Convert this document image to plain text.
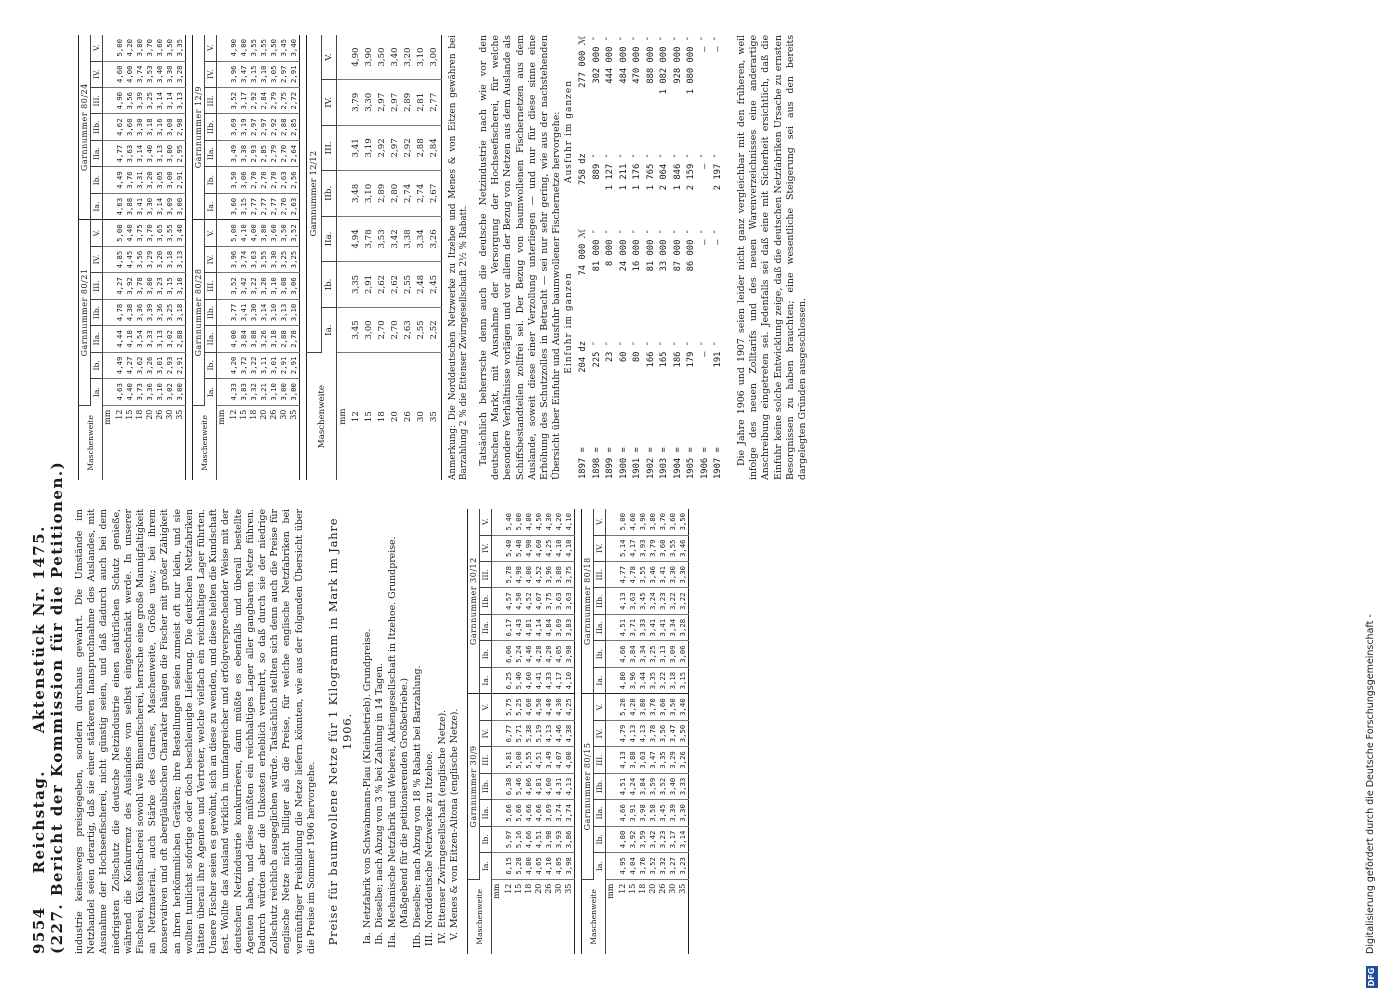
9554 Reichstag. Aktenstück Nr. 1475. (227. Bericht der Kommission für die Petitionen.) industrie keineswegs preisgegeben, sondern durchaus gewahrt. Die Umstände im Netzhandel seien derartig, daß sie einer stärkeren Inanspruchnahme des Auslandes, mit Ausnahme der Hochseefischerei, nicht günstig seien, und daß dadurch auch bei dem niedrigsten Zollschutz die deutsche Netzindustrie einen natürlichen Schutz genieße, während die Konkurrenz des Auslandes von selbst eingeschränkt werde. In unserer Fischerei, Küstenfischerei sowohl wie Binnenfischerei, herrsche eine große Mannigfaltigkeit an Netzmaterial, auch Stärke des Garnes, Maschenweite, Größe usw.; bei ihrem konservativen und oft abergläubischen Charakter hängen die Fischer mit großer Zähigkeit an ihren herkömmlichen Geräten; ihre Bestellungen seien zumeist oft nur klein, und sie wollten tunlichst sofortige oder doch beschleunigte Lieferung. Die deutschen Netzfabriken hätten überall ihre Agenten und Vertreter, welche vielfach ein reichhaltiges Lager führten. Unsere Fischer seien es gewöhnt, sich an diese zu wenden, und diese hielten die Kundschaft fest. Wollte das Ausland wirklich in umfangreicher und erfolgversprechender Weise mit der deutschen Netzindustrie konkurrieren, dann müßte es ebenfalls und überall bestellte Agenten haben, und diese müßten ein reichhaltiges Lager aller gangbaren Netze führen. Dadurch würden aber die Unkosten erheblich vermehrt, so daß durch sie der niedrige Zollschutz reichlich ausgeglichen würde. Tatsächlich stellten sich denn auch die Preise für englische Netze nicht billiger als die Preise, für welche englische Netzfabriken bei vernünftiger Preisbildung die Netze liefern könnten, wie aus der folgenden Übersicht über die Preise im Sommer 1906 hervorgehe. Preise für baumwollene Netze für 1 Kilogramm in Mark im Jahre 1906.
Ia.
Netzfabrik von Schwabmann-Plau (Kleinbetrieb). Grundpreise.
Ib.
Dieselbe; nach Abzug von 3 % bei Zahlung in 14 Tagen.
IIa.
Mechanische Netzfabrik und Weberei, Aktiengesellschaft in Itzehoe. Grundpreise. (Maßgebend für die petitionierenden Großbetriebe.)
IIb.
Dieselbe; nach Abzug von 18 % Rabatt bei Barzahlung.
III.
Norddeutsche Netzwerke zu Itzehoe.
IV.
Ettenser Zwirngesellschaft (englische Netze).
V.
Menes & von Eitzen-Altona (englische Netze). Maschenweite	Garnnummer 30/9							Garnnummer 30/12						
	Ia.	Ib.	IIa.	IIb.	III.	IV.	V.	Ia.	Ib.	IIa.	IIb.	III.	IV.	V.
mm														
12	6,15	5,97	5,66	6,38	5,81	6,77	5,75	6,25	6,06	6,17	4,57	5,78	5,40	5,40
15	5,28	5,16	5,66	5,46	5,00	5,71	5,25	5,40	5,24	4,43	4,50	4,98	5,40	5,00
18	4,80	4,66	4,66	4,06	5,55	5,38	4,60	4,60	4,46	4,81	4,52	4,00	4,90	4,80
20	4,65	4,51	4,66	4,81	4,51	5,19	4,50	4,41	4,28	4,14	4,07	4,52	4,60	4,50
26	4,10	3,98	3,69	4,60	3,49	4,13	4,40	4,33	4,20	4,84	3,75	3,96	4,25	4,30
30	4,05	3,93	3,74	4,31	4,07	4,46	4,30	4,17	4,05	3,69	3,63	3,88	4,10	4,20
35	3,98	3,86	3,74	4,13	4,00	4,38	4,25	4,10	3,98	3,83	3,63	3,75	4,10	4,10
Maschenweite	Garnnummer 80/15							Garnnummer 80/18						
	Ia.	Ib.	IIa.	IIb.	III.	IV.	V.	Ia.	Ib.	IIa.	IIb.	III.	IV.	V.
mm														
12	4,95	4,80	4,66	4,51	4,13	4,79	5,20	4,80	4,66	4,51	4,13	4,77	5,14	5,00
15	4,04	3,92	3,91	4,24	3,88	4,13	4,20	3,96	3,84	3,71	3,63	4,78	4,17	4,60
18	3,70	3,59	3,98	3,84	3,63	4,13	3,80	3,44	3,34	3,33	3,45	3,55	3,93	3,90
20	3,52	3,42	3,58	3,59	3,47	3,78	3,70	3,35	3,25	3,41	3,24	3,46	3,79	3,80
26	3,32	3,23	3,45	3,52	3,35	3,56	3,60	3,22	3,13	3,41	3,23	3,41	3,60	3,70
30	3,27	3,17	3,39	3,40	3,29	3,47	3,50	3,18	3,09	3,34	3,22	3,30	3,55	3,60
35	3,23	3,14	3,30	3,33	3,26	3,50	3,40	3,15	3,06	3,28	3,22	3,30	3,46	3,50
Maschenweite	Garnnummer 80/21							Garnnummer 80/24						
	Ia.	Ib.	IIa.	IIb.	III.	IV.	V.	Ia.	Ib.	IIa.	IIb.	III.	IV.	V.
mm														
12	4,63	4,49	4,44	4,78	4,27	4,85	5,00	4,63	4,49	4,77	4,62	4,90	4,60	5,00
15	4,40	4,27	4,18	4,38	3,92	4,45	4,40	3,88	3,76	3,63	3,60	3,56	4,00	4,20
18	3,73	3,62	3,54	3,36	3,78	3,56	3,75	3,41	3,31	3,14	3,30	3,39	3,74	3,80
20	3,36	3,26	3,33	3,39	3,80	3,29	3,70	3,30	3,20	3,40	3,18	3,25	3,53	3,70
26	3,10	3,01	3,13	3,36	3,23	3,20	3,65	3,14	3,05	3,13	3,16	3,14	3,40	3,60
30	3,02	2,93	3,02	3,25	3,15	3,18	3,55	3,09	3,00	3,00	3,08	3,14	3,30	3,50
35	3,00	2,91	2,88	3,18	3,10	3,13	3,40	3,00	2,91	2,95	2,98	3,13	3,28	3,35
Maschenweite	Garnnummer 80/28							Garnnummer 12/9						
	Ia.	Ib.	IIa.	IIb.	III.	IV.	V.	Ia.	Ib.	IIa.	IIb.	III.	IV.	V.
mm														
12	4,33	4,20	4,00	3,77	3,52	3,96	5,00	3,60	3,50	3,49	3,69	3,52	3,96	4,90
15	3,83	3,72	3,84	3,41	3,42	3,74	4,10	3,15	3,06	3,38	3,19	3,17	3,47	4,00
18	3,32	3,22	3,88	3,30	3,22	3,63	4,00	2,77	2,70	2,93	2,97	2,92	3,15	3,55
20	3,21	3,11	3,26	3,14	3,20	3,55	3,80	2,77	2,70	2,85	2,97	2,84	3,10	3,55
26	3,10	3,01	3,18	3,10	3,10	3,30	3,60	2,77	2,70	2,79	2,92	2,79	3,05	3,50
30	3,00	2,91	2,88	3,13	3,08	3,25	3,50	2,70	2,63	2,70	2,88	2,75	2,97	3,45
35	3,00	2,91	2,78	3,10	3,06	3,25	3,52	2,63	2,56	2,64	2,85	2,72	2,91	3,40
Maschenweite	Garnnummer 12/12						
	Ia.	Ib.	IIa.	IIb.	III.	IV.	V.
mm							
12	3,45	3,35	4,94	3,48	3,41	3,79	4,90
15	3,00	2,91	3,78	3,10	3,19	3,30	3,90
18	2,70	2,62	3,53	2,89	2,92	2,97	3,50
20	2,70	2,62	3,42	2,80	2,97	2,97	3,40
26	2,63	2,55	3,38	2,74	2,92	2,89	3,20
30	2,55	2,48	3,34	2,74	2,88	2,81	3,10
35	2,52	2,45	3,26	2,67	2,84	2,77	3,00 Anmerkung: Die Norddeutschen Netzwerke zu Itzehoe und Menes & von Eitzen gewähren bei Barzahlung 2 % die Ettenser Zwirngesellschaft 2½ % Rabatt. Tatsächlich beherrsche denn auch die deutsche Netzindustrie nach wie vor den deutschen Markt, mit Ausnahme der Versorgung der Hochseefischerei, für welche besondere Verhältnisse vorlägen und vor allem der Bezug von Netzen aus dem Auslande als Schiffsbestandteilen zollfrei sei. Der Bezug von baumwollenen Fischernetzen aus dem Auslande, soweit diese einer Verzollung unterliegen — und nur für diese sinne eine Erhöhung des Schutzzolles in Betracht — sei nur sehr gering, wie aus der nachstehenden Übersicht über Einfuhr und Ausfuhr baumwollener Fischernetze hervorgehe:

	Einfuhr im ganzen		Ausfuhr im ganzen	
1897 =	204 dz	74 000 ℳ	758 dz	277 000 ℳ
1898 =	225 ″	81 000 ″	889 ″	302 000 ″
1899 =	23 ″	8 000 ″	1 127 ″	444 000 ″
1900 =	60 ″	24 000 ″	1 211 ″	484 000 ″
1901 =	80 ″	16 000 ″	1 176 ″	470 000 ″
1902 =	166 ″	81 000 ″	1 765 ″	888 000 ″
1903 =	165 ″	33 000 ″	2 064 ″	1 082 000 ″
1904 =	186 ″	87 000 ″	1 846 ″	928 000 ″
1905 =	179 ″	86 000 ″	2 159 ″	1 080 000 ″
1906 =	— ″	— ″	— ″	— ″
1907 =	191 ″	— ″	2 197 ″	— ″ Die Jahre 1906 und 1907 seien leider nicht ganz vergleichbar mit den früheren, weil infolge des neuen Zolltarifs und des neuen Warenverzeichnisses eine anderartige Anschreibung eingetreten sei. Jedenfalls sei daß eine mit Sicherheit ersichtlich, daß die Einfuhr keine solche Entwicklung zeige, daß die deutschen Netzfabriken Ursache zu ernsten Besorgnissen zu haben brauchten; eine wesentliche Steigerung sei aus den bereits dargelegten Gründen ausgeschlossen.

DFG
Digitalisierung gefördert durch die Deutsche Forschungsgemeinschaft -
